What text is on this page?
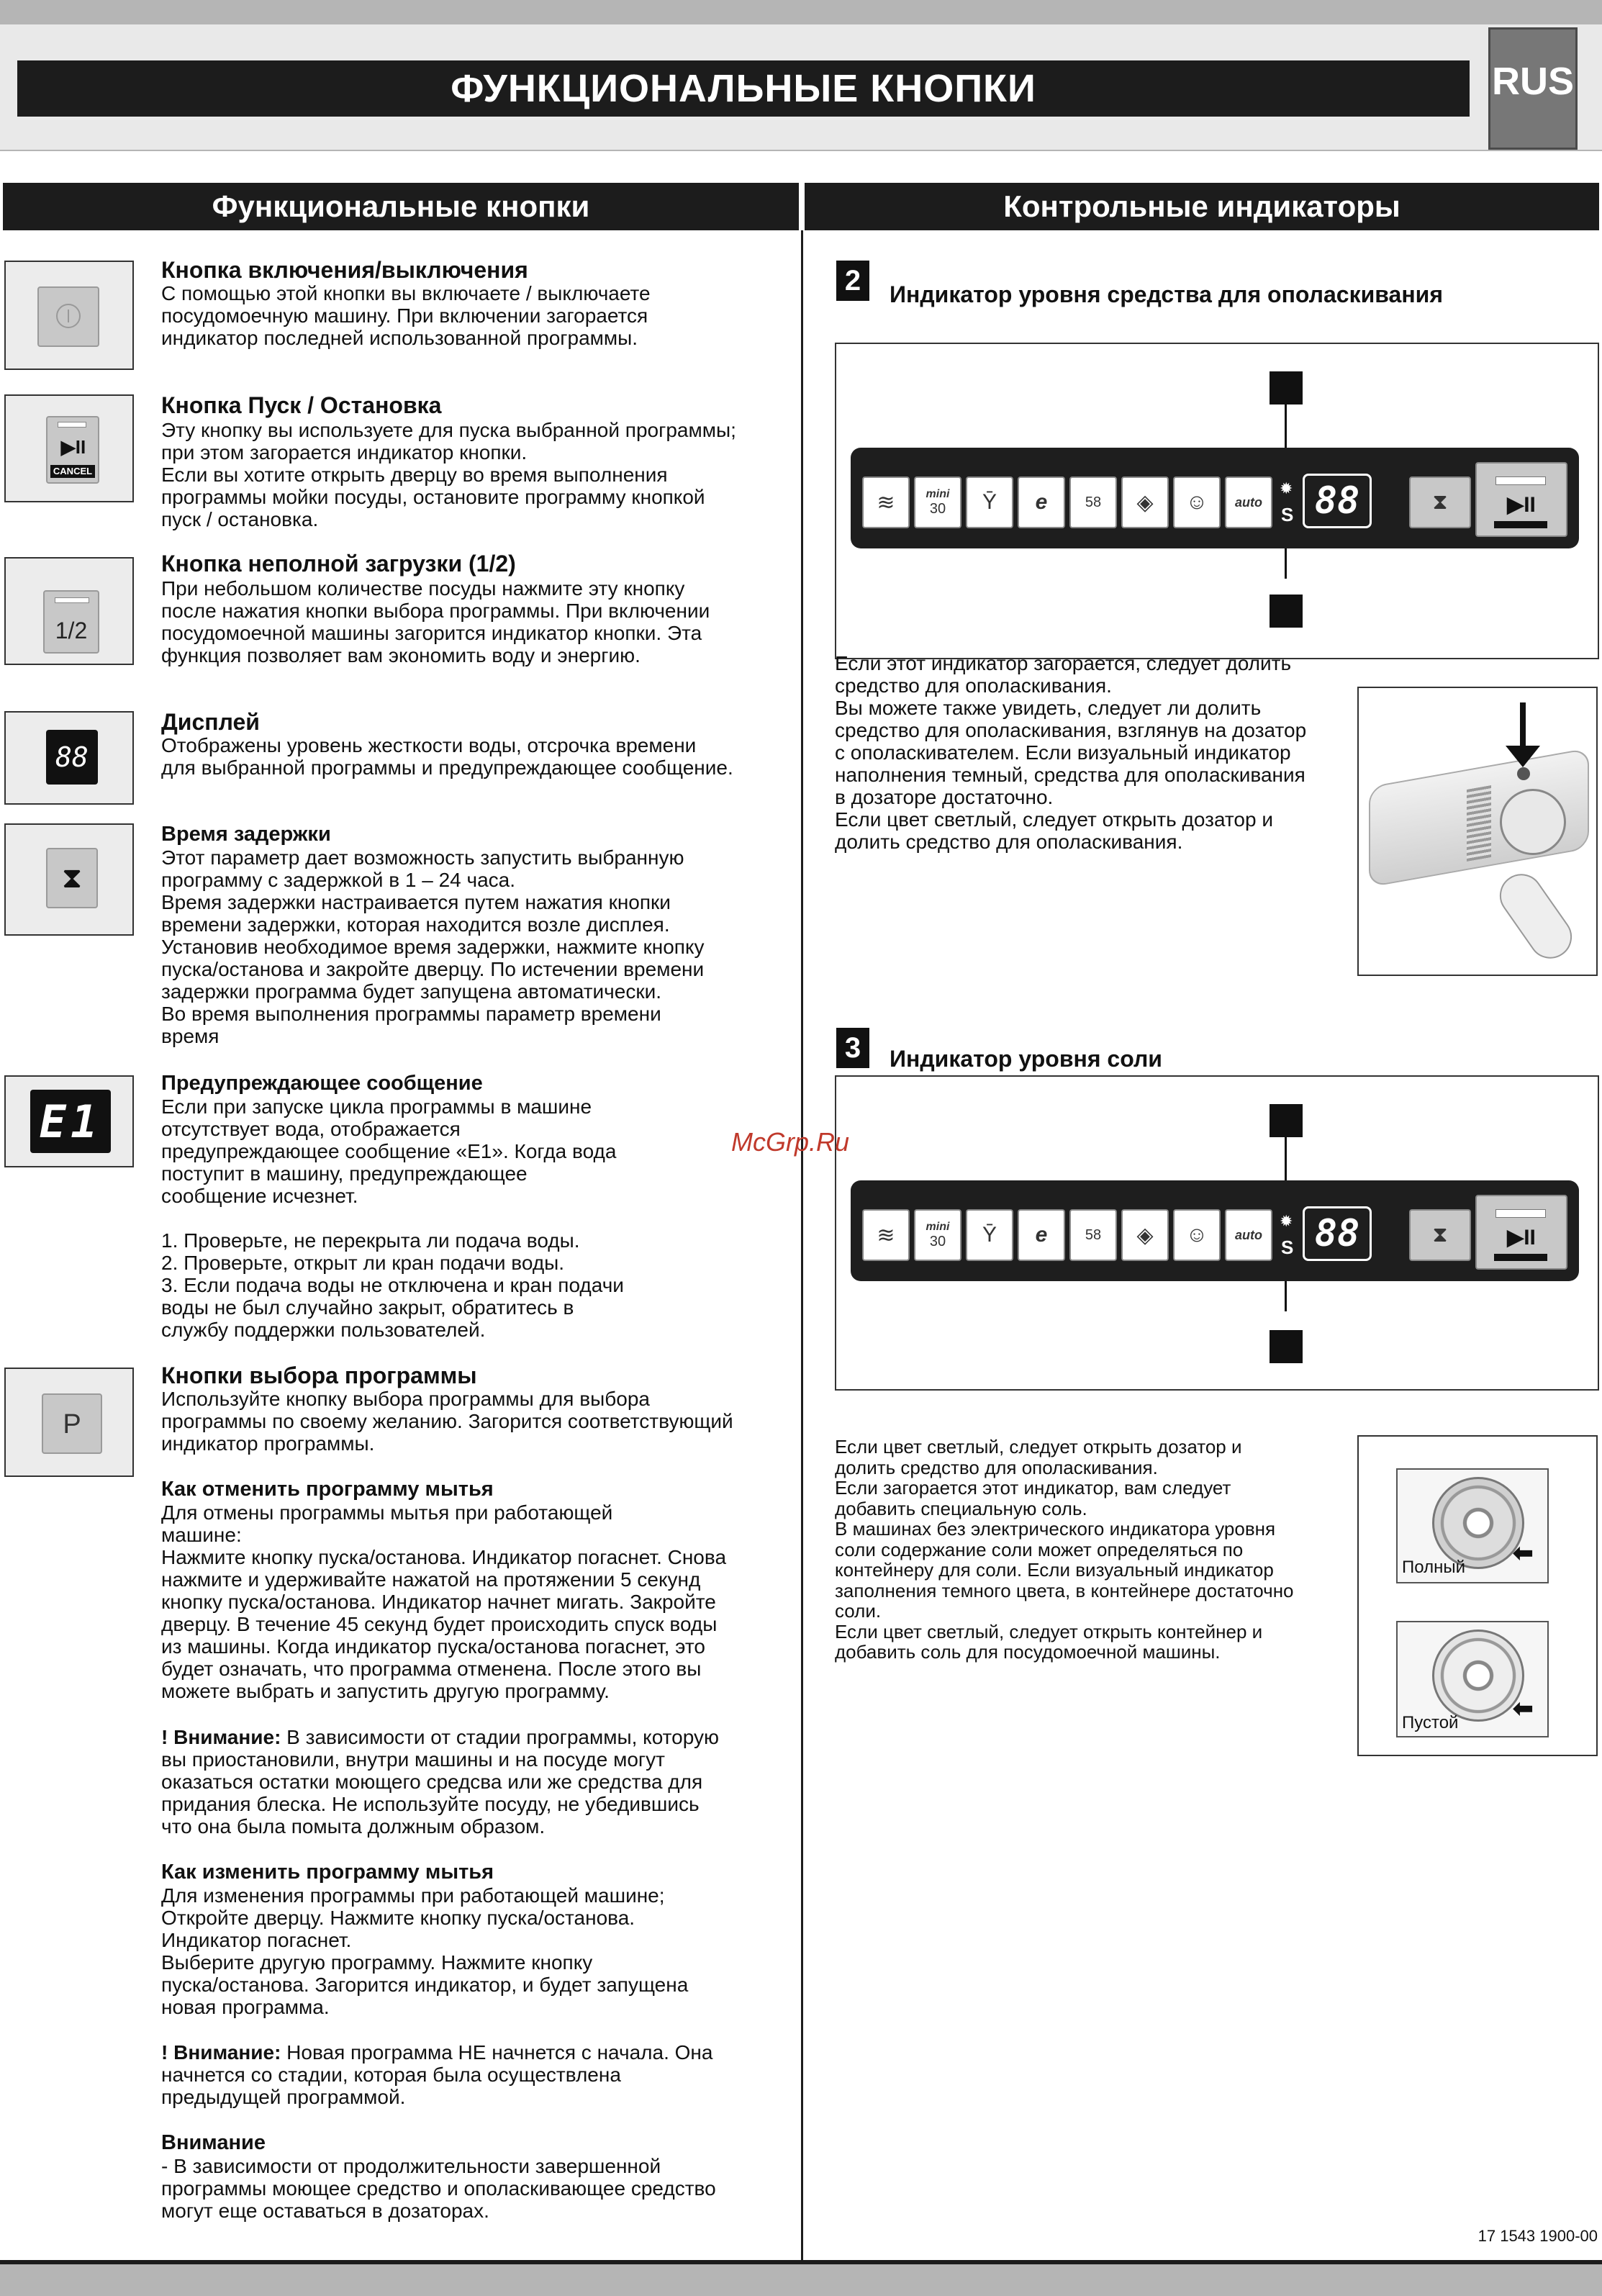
ФУНКЦИОНАЛЬНЫЕ КНОПКИ	RUS
Функциональные кнопки	Контрольные индикаторы
Кнопка включения/выключения
С помощью этой кнопки вы включаете / выключаете
посудомоечную машину. При включении загорается
индикатор последней использованной программы.
▶II
CANCEL
Кнопка Пуск / Остановка
Эту кнопку вы используете для пуска выбранной программы;
при этом загорается индикатор кнопки.
Если вы хотите открыть дверцу во время выполнения
программы мойки посуды, остановите программу кнопкой
пуск / остановка.
1/2
Кнопка неполной загрузки (1/2)
При небольшом количестве посуды нажмите эту кнопку
после нажатия кнопки выбора программы. При включении
посудомоечной машины загорится индикатор кнопки. Эта
функция позволяет вам экономить воду и энергию.
88
Дисплей
Отображены уровень жесткости воды, отсрочка времени
для выбранной программы и предупреждающее сообщение.
⧗
Время задержки
Этот параметр дает возможность запустить выбранную
программу с задержкой в 1 – 24 часа.
Время задержки настраивается путем нажатия кнопки
времени задержки, которая находится возле дисплея.
Установив необходимое время задержки, нажмите кнопку
пуска/останова и закройте дверцу. По истечении времени
задержки программа будет запущена автоматически.
Во время выполнения программы параметр времени
время
E1
Предупреждающее сообщение
Если при запуске цикла программы в машине
отсутствует вода, отображается
предупреждающее сообщение «E1». Когда вода
поступит в машину, предупреждающее
сообщение исчезнет.
1. Проверьте, не перекрыта ли подача воды.
2. Проверьте, открыт ли кран подачи воды.
3. Если подача воды не отключена и кран подачи
воды не был случайно закрыт, обратитесь в
службу поддержки пользователей.
P
Кнопки выбора программы
Используйте кнопку выбора программы для выбора
программы по своему желанию. Загорится соответствующий
индикатор программы.
Как отменить программу мытья
Для отмены программы мытья при работающей
машине:
Нажмите кнопку пуска/останова. Индикатор погаснет. Снова
нажмите и удерживайте нажатой на протяжении 5 секунд
кнопку пуска/останова. Индикатор начнет мигать. Закройте
дверцу. В течение 45 секунд будет происходить спуск воды
из машины. Когда индикатор пуска/останова погаснет, это
будет означать, что программа отменена. После этого вы
можете выбрать и запустить другую программу.
! Внимание: В зависимости от стадии программы, которую
вы приостановили, внутри машины и на посуде могут
оказаться остатки моющего средсва или же средства для
придания блеска. Не используйте посуду, не убедившись
что она была помыта должным образом.
Как изменить программу мытья
Для изменения программы при работающей машине;
Откройте дверцу. Нажмите кнопку пуска/останова.
Индикатор погаснет.
Выберите другую программу. Нажмите кнопку
пуска/останова. Загорится индикатор, и будет запущена
новая программа.
! Внимание: Новая программа НЕ начнется с начала. Она
начнется со стадии, которая была осуществлена
предыдущей программой.
Внимание
- В зависимости от продолжительности завершенной
программы моющее средство и ополаскивающее средство
могут еще оставаться в дозаторах.
2	Индикатор уровня средства для ополаскивания
≋	mini
30	Ῡ	e	58	◈	☺	auto
✹
S 88	⧗	▶II
Если этот индикатор загорается, следует долить
средство для ополаскивания.
Вы можете также увидеть, следует ли долить
средство для ополаскивания, взглянув на дозатор
с ополаскивателем. Если визуальный индикатор
наполнения темный, средства для ополаскивания
в дозаторе достаточно.
Если цвет светлый, следует открыть дозатор и
долить средство для ополаскивания.
3	Индикатор уровня соли
≋	mini
30	Ῡ	e	58	◈	☺	auto
✹
S 88	⧗	▶II
Если цвет светлый, следует открыть дозатор и
долить средство для ополаскивания.
Если загорается этот индикатор, вам следует
добавить специальную соль.
В машинах без электрического индикатора уровня
соли содержание соли может определяться по
контейнеру для соли. Если визуальный индикатор
заполнения темного цвета, в контейнере достаточно
соли.
Если цвет светлый, следует открыть контейнер и
добавить соль для посудомоечной машины.
Полный
⬅
Пустой
⬅
McGrp.Ru
17 1543 1900-00
